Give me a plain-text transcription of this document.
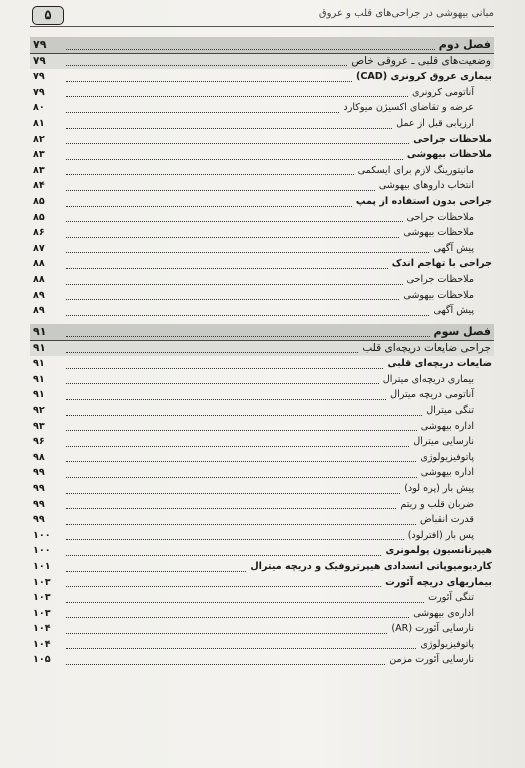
۵	مبانی بیهوشی در جراحی‌های قلب و عروق
فصل دوم
۷۹
وضعیت‌های قلبی ـ عروقی خاص
۷۹
بیماری عروق کرونری (CAD)
۷۹
آناتومی کرونری
۷۹
عرضه و تقاضای اکسیژن میوکارد
۸۰
ارزیابی قبل از عمل
۸۱
ملاحظات جراحی
۸۲
ملاحظات بیهوشی
۸۳
مانیتورینگ لازم برای ایسکمی
۸۳
انتخاب داروهای بیهوشی
۸۴
جراحی بدون استفاده از پمپ
۸۵
ملاحظات جراحی
۸۵
ملاحظات بیهوشی
۸۶
پیش آگهی
۸۷
جراحی با تهاجم اندک
۸۸
ملاحظات جراحی
۸۸
ملاحظات بیهوشی
۸۹
پیش آگهی
۸۹
فصل سوم
۹۱
جراحی ضایعات دریچه‌ای قلب
۹۱
ضایعات دریچه‌ای قلبی
۹۱
بیماری دریچه‌ای میترال
۹۱
آناتومی دریچه میترال
۹۱
تنگی میترال
۹۲
اداره بیهوشی
۹۳
نارسایی میترال
۹۶
پاتوفیزیولوژی
۹۸
اداره بیهوشی
۹۹
پیش بار (پره لود)
۹۹
ضربان قلب و ریتم
۹۹
قدرت انقباض
۹۹
پس بار (افترلود)
۱۰۰
هیپرتانسیون پولمونری
۱۰۰
کاردیومیوپاتی انسدادی هیپرتروفیک و دریچه میترال
۱۰۱
بیماریهای دریچه آئورت
۱۰۳
تنگی آئورت
۱۰۳
اداره‌ی بیهوشی
۱۰۳
نارسایی آئورت (AR)
۱۰۴
پاتوفیزیولوژی
۱۰۴
نارسایی آئورت مزمن
۱۰۵
